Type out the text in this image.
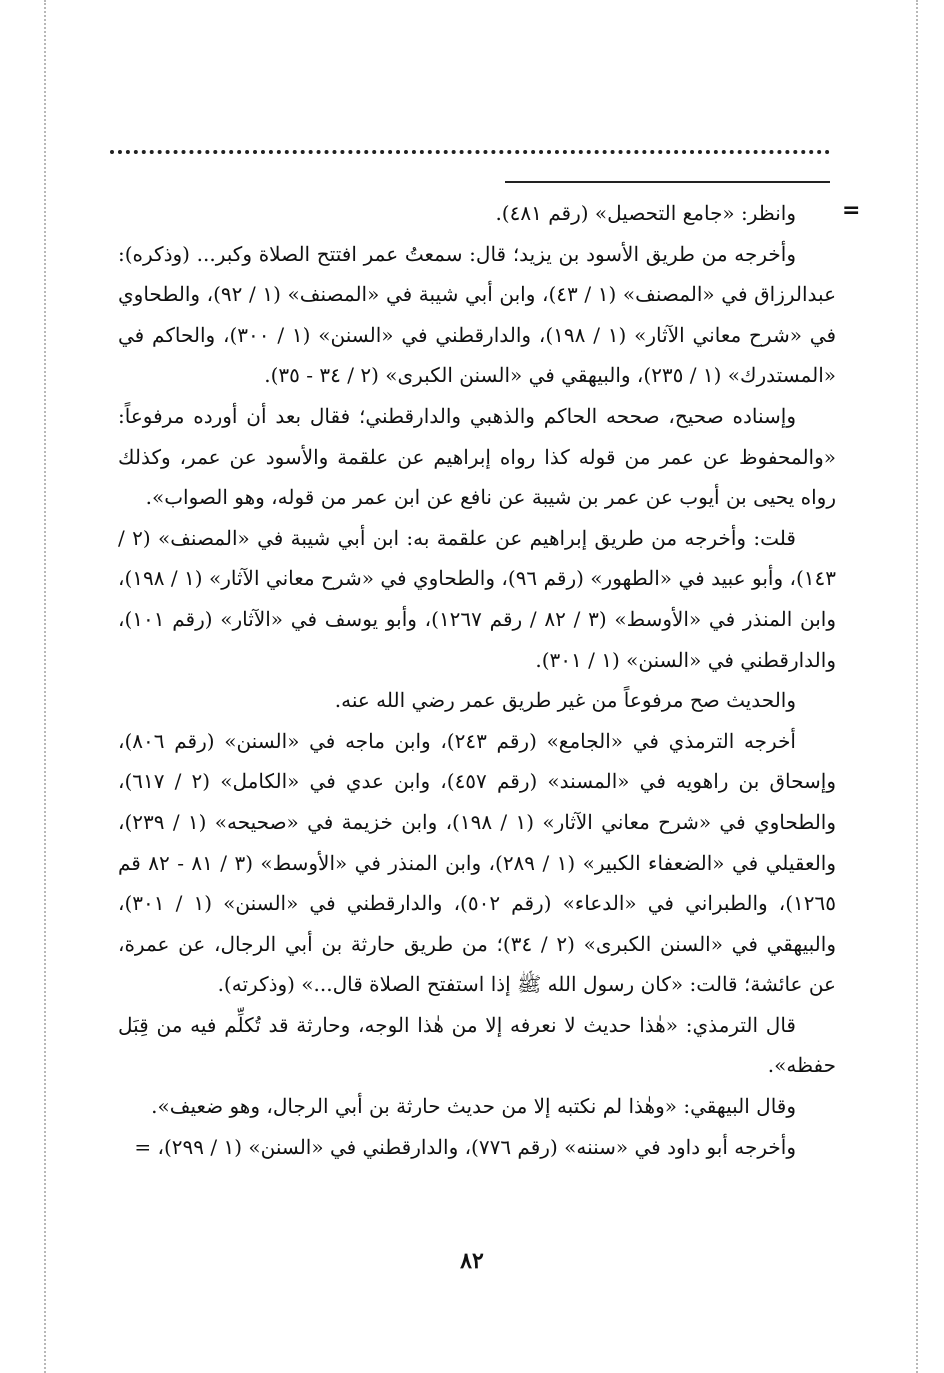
=

وانظر: «جامع التحصيل» (رقم ٤٨١).

وأخرجه من طريق الأسود بن يزيد؛ قال: سمعتُ عمر افتتح الصلاة وكبر... (وذكره): عبدالرزاق في «المصنف» (١ / ٤٣)، وابن أبي شيبة في «المصنف» (١ / ٩٢)، والطحاوي في «شرح معاني الآثار» (١ / ١٩٨)، والدارقطني في «السنن» (١ / ٣٠٠)، والحاكم في «المستدرك» (١ / ٢٣٥)، والبيهقي في «السنن الكبرى» (٢ / ٣٤ - ٣٥).

وإسناده صحيح، صححه الحاكم والذهبي والدارقطني؛ فقال بعد أن أورده مرفوعاً: «والمحفوظ عن عمر من قوله كذا رواه إبراهيم عن علقمة والأسود عن عمر، وكذلك رواه يحيى بن أيوب عن عمر بن شيبة عن نافع عن ابن عمر من قوله، وهو الصواب».

قلت: وأخرجه من طريق إبراهيم عن علقمة به: ابن أبي شيبة في «المصنف» (٢ / ١٤٣)، وأبو عبيد في «الطهور» (رقم ٩٦)، والطحاوي في «شرح معاني الآثار» (١ / ١٩٨)، وابن المنذر في «الأوسط» (٣ / ٨٢ / رقم ١٢٦٧)، وأبو يوسف في «الآثار» (رقم ١٠١)، والدارقطني في «السنن» (١ / ٣٠١).

والحديث صح مرفوعاً من غير طريق عمر رضي الله عنه.

أخرجه الترمذي في «الجامع» (رقم ٢٤٣)، وابن ماجه في «السنن» (رقم ٨٠٦)، وإسحاق بن راهويه في «المسند» (رقم ٤٥٧)، وابن عدي في «الكامل» (٢ / ٦١٧)، والطحاوي في «شرح معاني الآثار» (١ / ١٩٨)، وابن خزيمة في «صحيحه» (١ / ٢٣٩)، والعقيلي في «الضعفاء الكبير» (١ / ٢٨٩)، وابن المنذر في «الأوسط» (٣ / ٨١ - ٨٢ قم ١٢٦٥)، والطبراني في «الدعاء» (رقم ٥٠٢)، والدارقطني في «السنن» (١ / ٣٠١)، والبيهقي في «السنن الكبرى» (٢ / ٣٤)؛ من طريق حارثة بن أبي الرجال، عن عمرة، عن عائشة؛ قالت: «كان رسول الله ﷺ إذا استفتح الصلاة قال...» (وذكرته).

قال الترمذي: «هٰذا حديث لا نعرفه إلا من هٰذا الوجه، وحارثة قد تُكلِّم فيه من قِبَل حفظه».

وقال البيهقي: «وهٰذا لم نكتبه إلا من حديث حارثة بن أبي الرجال، وهو ضعيف».

وأخرجه أبو داود في «سننه» (رقم ٧٧٦)، والدارقطني في «السنن» (١ / ٢٩٩)، =

٨٢
